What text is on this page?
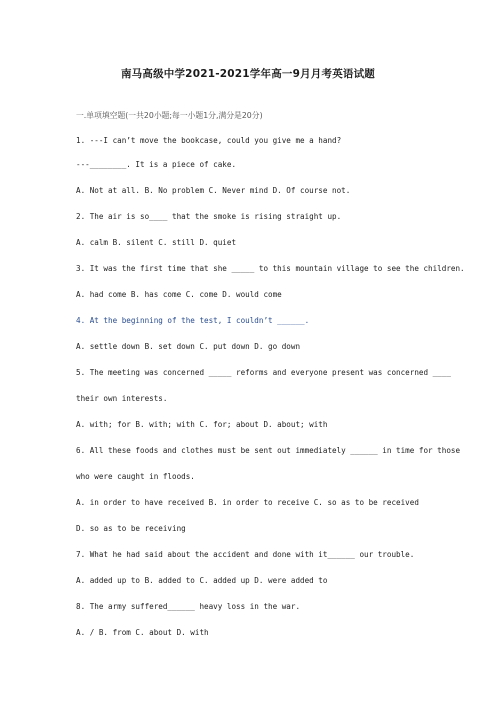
南马高级中学2021-2021学年高一9月月考英语试题
一.单项填空题(一共20小题;每一小题1分,满分是20分)
1. ---I can’t move the bookcase, could you give me a hand?
---________. It is a piece of cake.
A. Not at all. B. No problem C. Never mind D. Of course not.
2. The air is so____ that the smoke is rising straight up.
A. calm B. silent C. still D. quiet
3. It was the first time that she _____ to this mountain village to see the children.
A. had come B. has come C. come D. would come
4. At the beginning of the test, I couldn’t ______.
A. settle down B. set down C. put down D. go down
5. The meeting was concerned _____ reforms and everyone present was concerned ____
their own interests.
A. with; for B. with; with C. for; about D. about; with
6. All these foods and clothes must be sent out immediately ______ in time for those
who were caught in floods.
A. in order to have received B. in order to receive C. so as to be received
D. so as to be receiving
7. What he had said about the accident and done with it______ our trouble.
A. added up to B. added to C. added up D. were added to
8. The army suffered______ heavy loss in the war.
A. / B. from C. about D. with
